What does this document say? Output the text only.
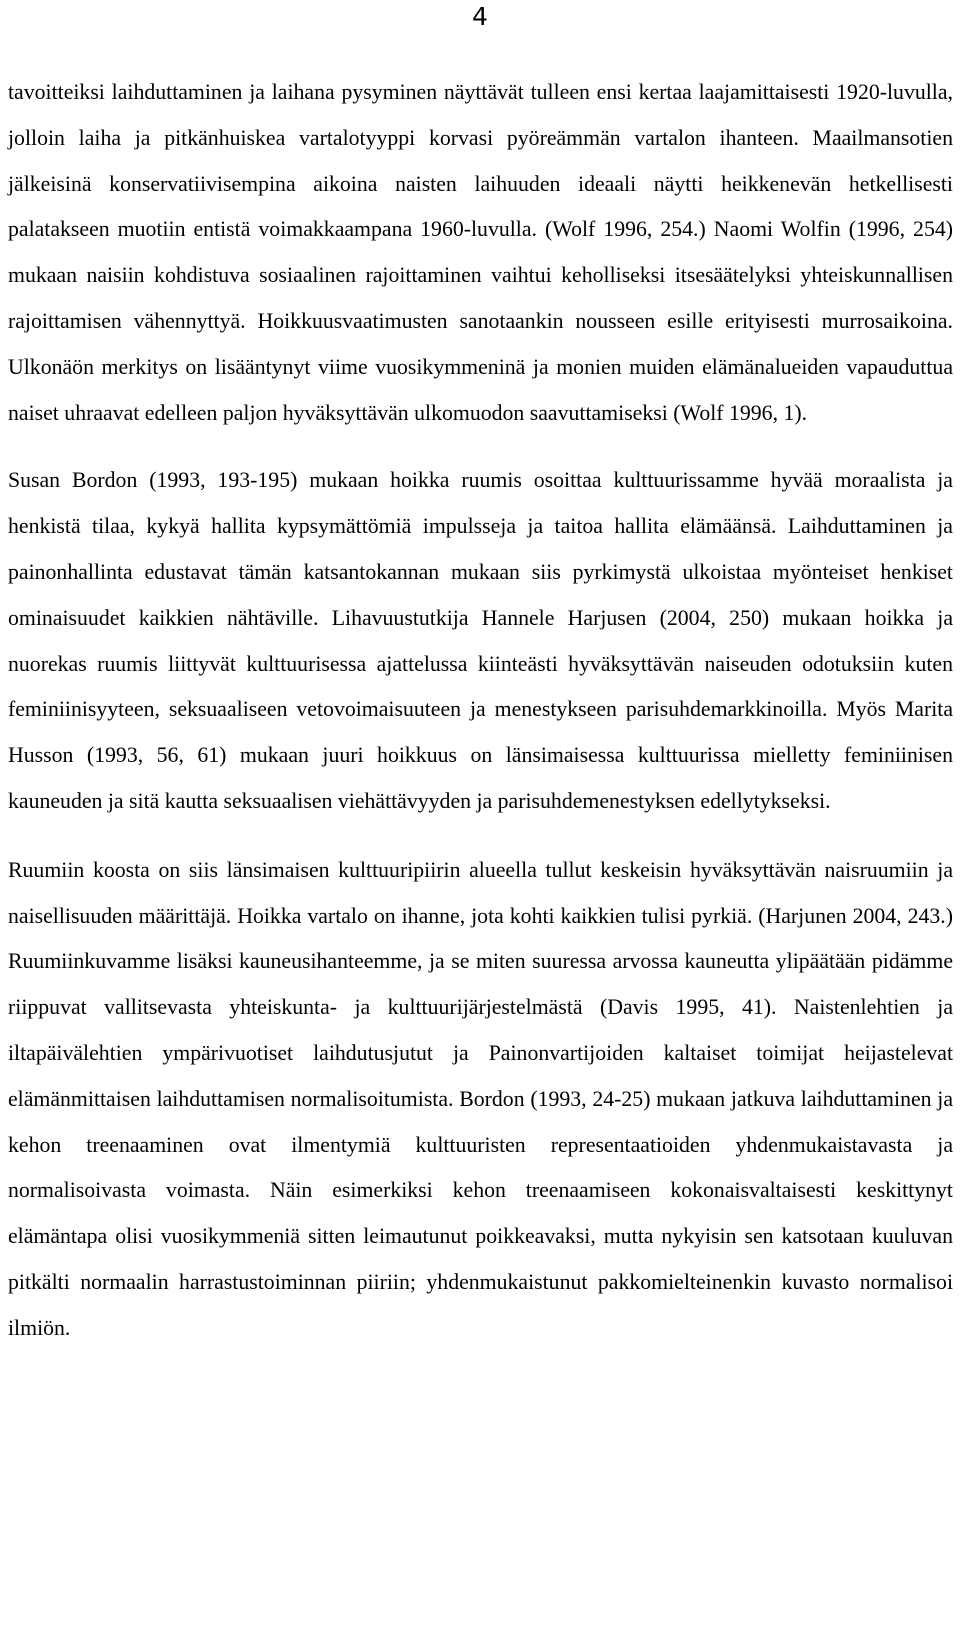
4

tavoitteiksi laihduttaminen ja laihana pysyminen näyttävät tulleen ensi kertaa laajamittaisesti 1920-luvulla, jolloin laiha ja pitkänhuiskea vartalotyyppi korvasi pyöreämmän vartalon ihanteen. Maailmansotien jälkeisinä konservatiivisempina aikoina naisten laihuuden ideaali näytti heikkenevän hetkellisesti palatakseen muotiin entistä voimakkaampana 1960-luvulla. (Wolf 1996, 254.) Naomi Wolfin (1996, 254) mukaan naisiin kohdistuva sosiaalinen rajoittaminen vaihtui keholliseksi itsesäätelyksi yhteiskunnallisen rajoittamisen vähennyttyä. Hoikkuusvaatimusten sanotaankin nousseen esille erityisesti murrosaikoina. Ulkonäön merkitys on lisääntynyt viime vuosikymmeninä ja monien muiden elämänalueiden vapauduttua naiset uhraavat edelleen paljon hyväksyttävän ulkomuodon saavuttamiseksi (Wolf 1996, 1).

Susan Bordon (1993, 193-195) mukaan hoikka ruumis osoittaa kulttuurissamme hyvää moraalista ja henkistä tilaa, kykyä hallita kypsymättömiä impulsseja ja taitoa hallita elämäänsä. Laihduttaminen ja painonhallinta edustavat tämän katsantokannan mukaan siis pyrkimystä ulkoistaa myönteiset henkiset ominaisuudet kaikkien nähtäville. Lihavuustutkija Hannele Harjusen (2004, 250) mukaan hoikka ja nuorekas ruumis liittyvät kulttuurisessa ajattelussa kiinteästi hyväksyttävän naiseuden odotuksiin kuten feminiinisyyteen, seksuaaliseen vetovoimaisuuteen ja menestykseen parisuhdemarkkinoilla. Myös Marita Husson (1993, 56, 61) mukaan juuri hoikkuus on länsimaisessa kulttuurissa mielletty feminiinisen kauneuden ja sitä kautta seksuaalisen viehättävyyden ja parisuhdemenestyksen edellytykseksi.

Ruumiin koosta on siis länsimaisen kulttuuripiirin alueella tullut keskeisin hyväksyttävän naisruumiin ja naisellisuuden määrittäjä. Hoikka vartalo on ihanne, jota kohti kaikkien tulisi pyrkiä. (Harjunen 2004, 243.) Ruumiinkuvamme lisäksi kauneusihanteemme, ja se miten suuressa arvossa kauneutta ylipäätään pidämme riippuvat vallitsevasta yhteiskunta- ja kulttuurijärjestelmästä (Davis 1995, 41). Naistenlehtien ja iltapäivälehtien ympärivuotiset laihdutusjutut ja Painonvartijoiden kaltaiset toimijat heijastelevat elämänmittaisen laihduttamisen normalisoitumista. Bordon (1993, 24-25) mukaan jatkuva laihduttaminen ja kehon treenaaminen ovat ilmentymiä kulttuuristen representaatioiden yhdenmukaistavasta ja normalisoivasta voimasta. Näin esimerkiksi kehon treenaamiseen kokonaisvaltaisesti keskittynyt elämäntapa olisi vuosikymmeniä sitten leimautunut poikkeavaksi, mutta nykyisin sen katsotaan kuuluvan pitkälti normaalin harrastustoiminnan piiriin; yhdenmukaistunut pakkomielteinenkin kuvasto normalisoi ilmiön.
